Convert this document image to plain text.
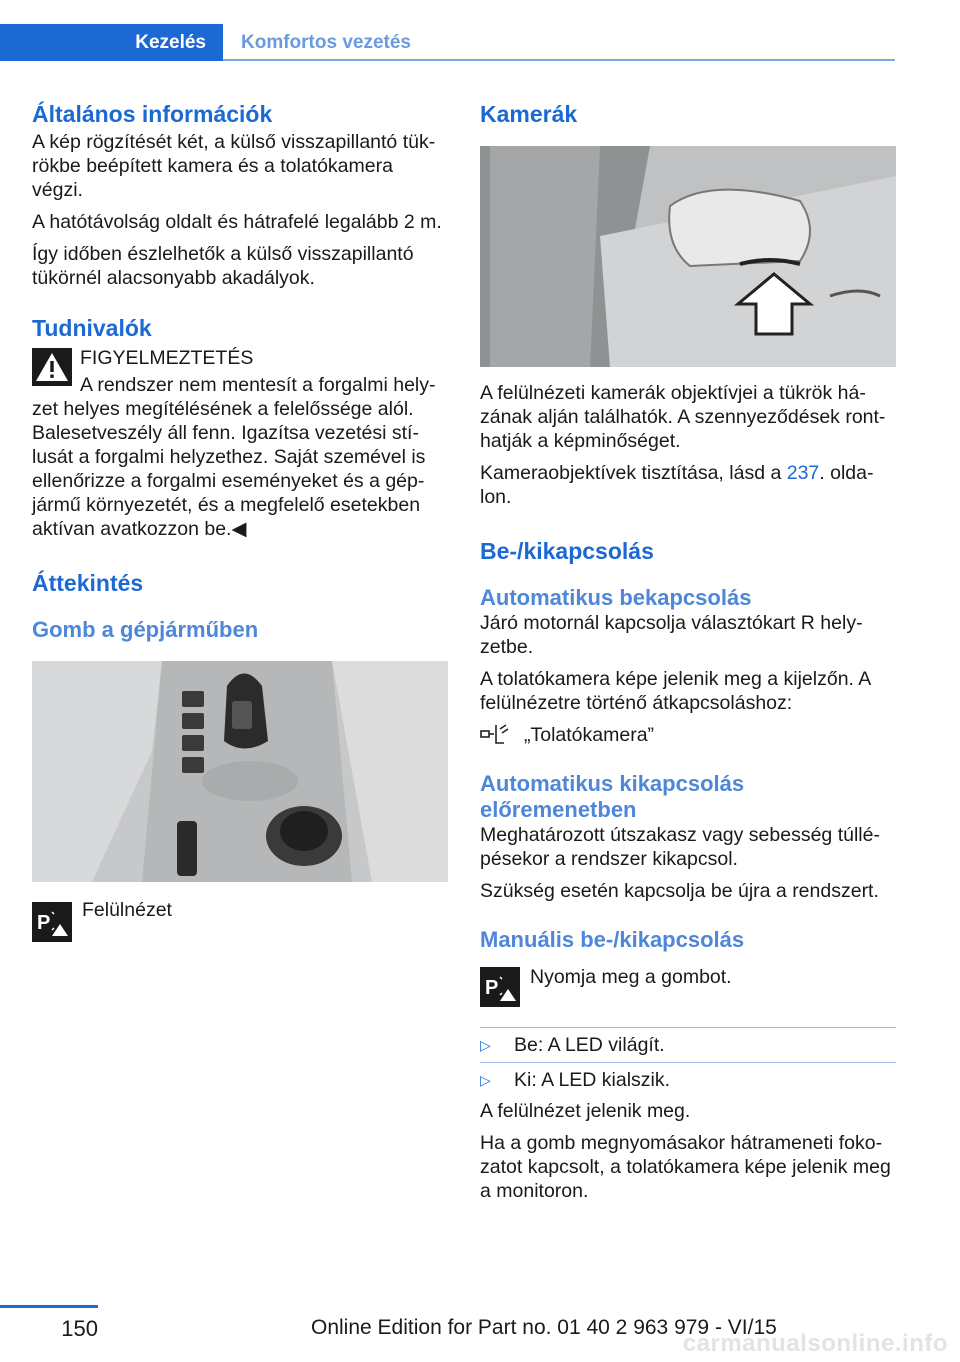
Kezelés	Komfortos vezetés
Általános információk

A kép rögzítését két, a külső visszapillantó tük-rökbe beépített kamera és a tolatókamera végzi.

A hatótávolság oldalt és hátrafelé legalább 2 m.

Így időben észlelhetők a külső visszapillantó tükörnél alacsonyabb akadályok.

Tudnivalók

FIGYELMEZTETÉS

A rendszer nem mentesít a forgalmi hely-

zet helyes megítélésének a felelőssége alól. Balesetveszély áll fenn. Igazítsa vezetési stí-lusát a forgalmi helyzethez. Saját szemével is ellenőrizze a forgalmi eseményeket és a gép-jármű környezetét, és a megfelelő esetekben aktívan avatkozzon be.◀

Áttekintés
Gomb a gépjárműben
P

Felülnézet

Kamerák

A felülnézeti kamerák objektívjei a tükrök há-zának alján találhatók. A szennyeződések ront-hatják a képminőséget.

Kameraobjektívek tisztítása, lásd a 237. olda-lon.

Be-/kikapcsolás
Automatikus bekapcsolás

Járó motornál kapcsolja választókart R hely-zetbe.

A tolatókamera képe jelenik meg a kijelzőn. A felülnézetre történő átkapcsoláshoz:

„Tolatókamera”

Automatikus kikapcsolás előremenetben

Meghatározott útszakasz vagy sebesség túllé-pésekor a rendszer kikapcsol.

Szükség esetén kapcsolja be újra a rendszert.

Manuális be-/kikapcsolás
P Nyomja meg a gombot.

▷ Be: A LED világít.
▷ Ki: A LED kialszik.

A felülnézet jelenik meg.

Ha a gomb megnyomásakor hátrameneti foko-zatot kapcsolt, a tolatókamera képe jelenik meg a monitoron.

150	Online Edition for Part no. 01 40 2 963 979 - VI/15
carmanualsonline.info
